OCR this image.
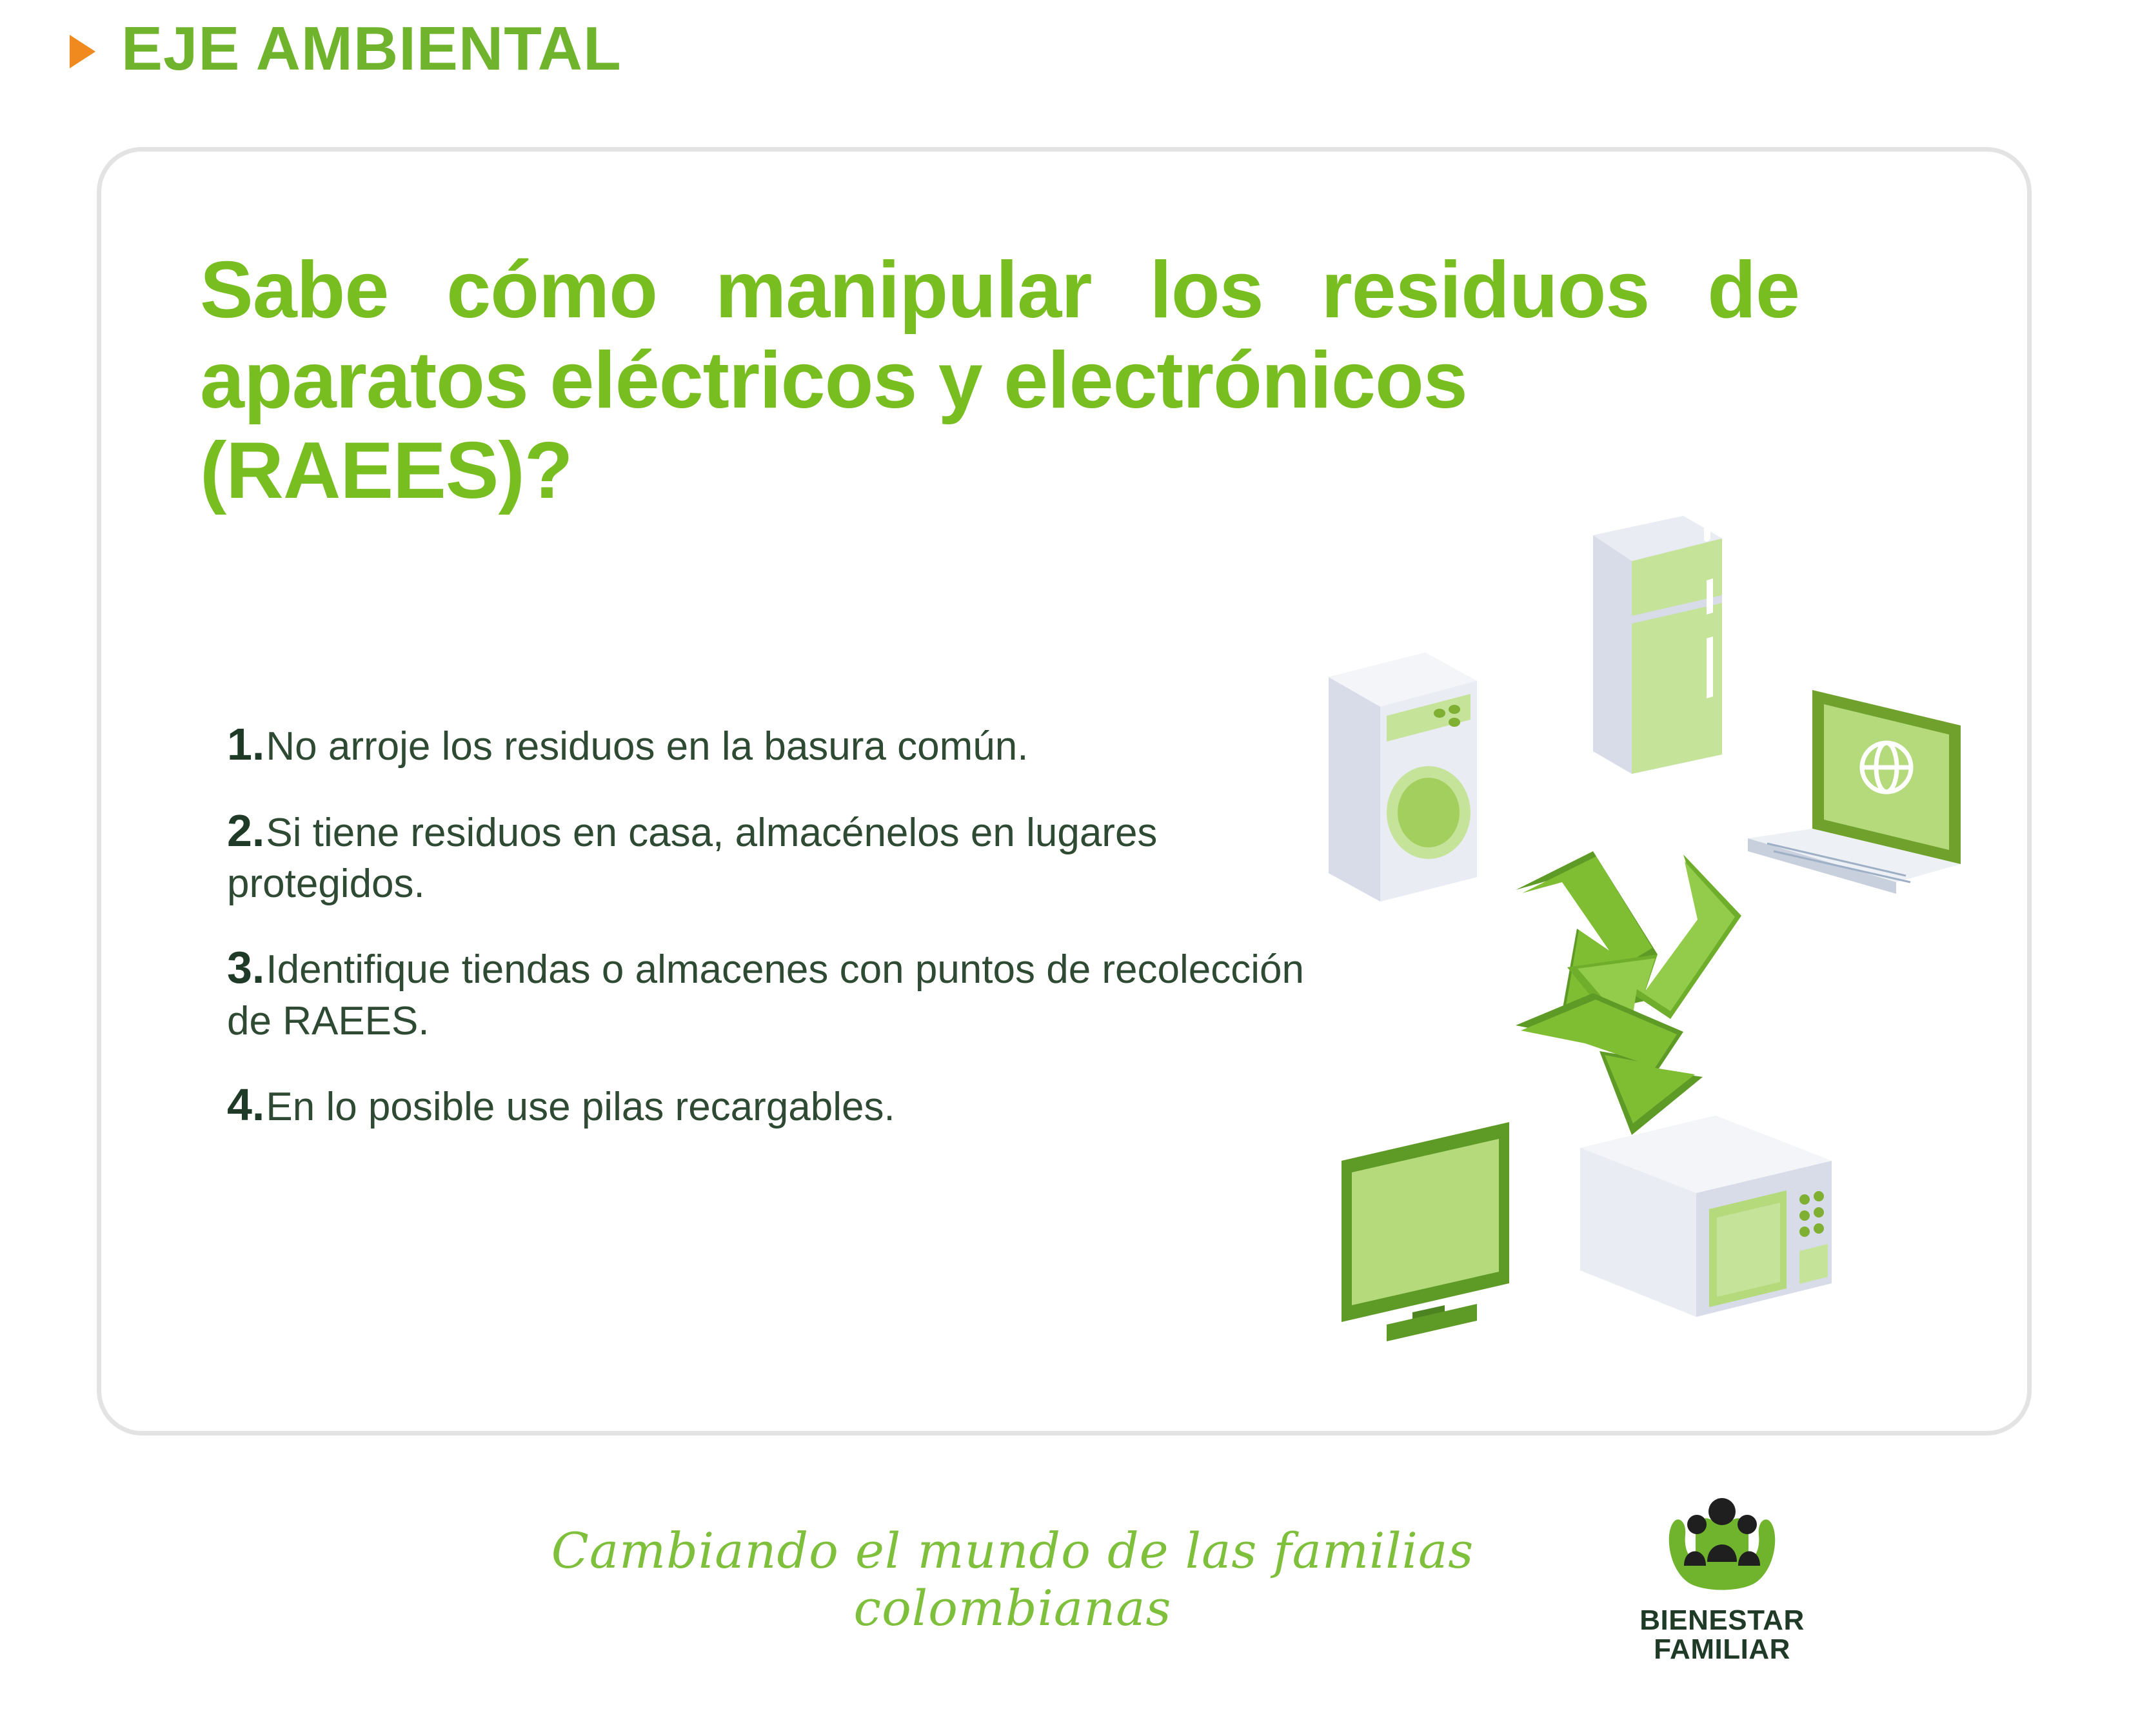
EJE AMBIENTAL
Sabe cómo manipular los residuos de aparatos eléctricos y electrónicos
(RAEES)?
1.No arroje los residuos en la basura común.
2.Si tiene residuos en casa, almacénelos en lugares protegidos.
3.Identifique tiendas o almacenes con puntos de recolección de RAEES.
4.En lo posible use pilas recargables.
Cambiando el mundo de las familias colombianas	BIENESTAR
FAMILIAR
